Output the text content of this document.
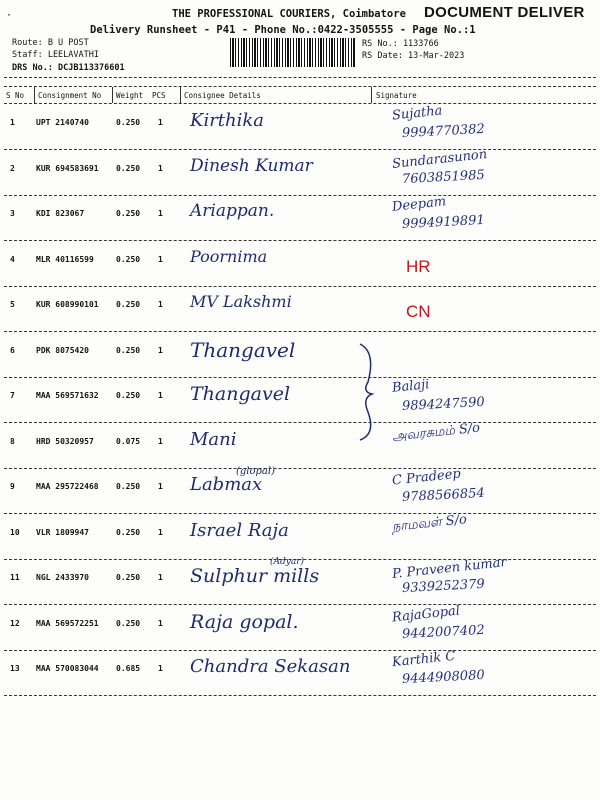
·	THE PROFESSIONAL COURIERS, Coimbatore DOCUMENT DELIVER
Delivery Runsheet - P41 - Phone No.:0422-3505555 - Page No.:1
Route: B U POST
Staff: LEELAVATHI
DRS No.: DCJB113376601
RS No.: 1133766
RS Date: 13-Mar-2023
S No Consignment No Weight PCS Consignee Details	Signature
1	UPT 2140740	0.250 1 Kirthika	Sujatha
9994770382
2	KUR 694583691 0.250 1 Dinesh Kumar	Sundarasunon
7603851985
3	KDI 823067	0.250 1 Ariappan.	Deepam
9994919891
4	MLR 40116599	0.250 1 Poornima
HR
5	KUR 608990101 0.250 1 MV Lakshmi
CN
6	PDK 8075420	0.250 1 Thangavel
7	MAA 569571632 0.250 1 Thangavel	Balaji
9894247590
8	HRD 50320957	0.075 1 Mani	அவரசுமம் S/o
9	MAA 295722468 0.250 1 Labmax	C Pradeep
9788566854
10 VLR 1809947	0.250 1 Israel Raja	நாமவள் S/o
11 NGL 2433970	0.250 1 Sulphur mills	P. Praveen kumar
9339252379
12 MAA 569572251 0.250 1 Raja gopal.	RajaGopal
9442007402
13 MAA 570083044 0.685 1 Chandra Sekasan	Karthik C
9444908080
(glopal)
(Adyar)
